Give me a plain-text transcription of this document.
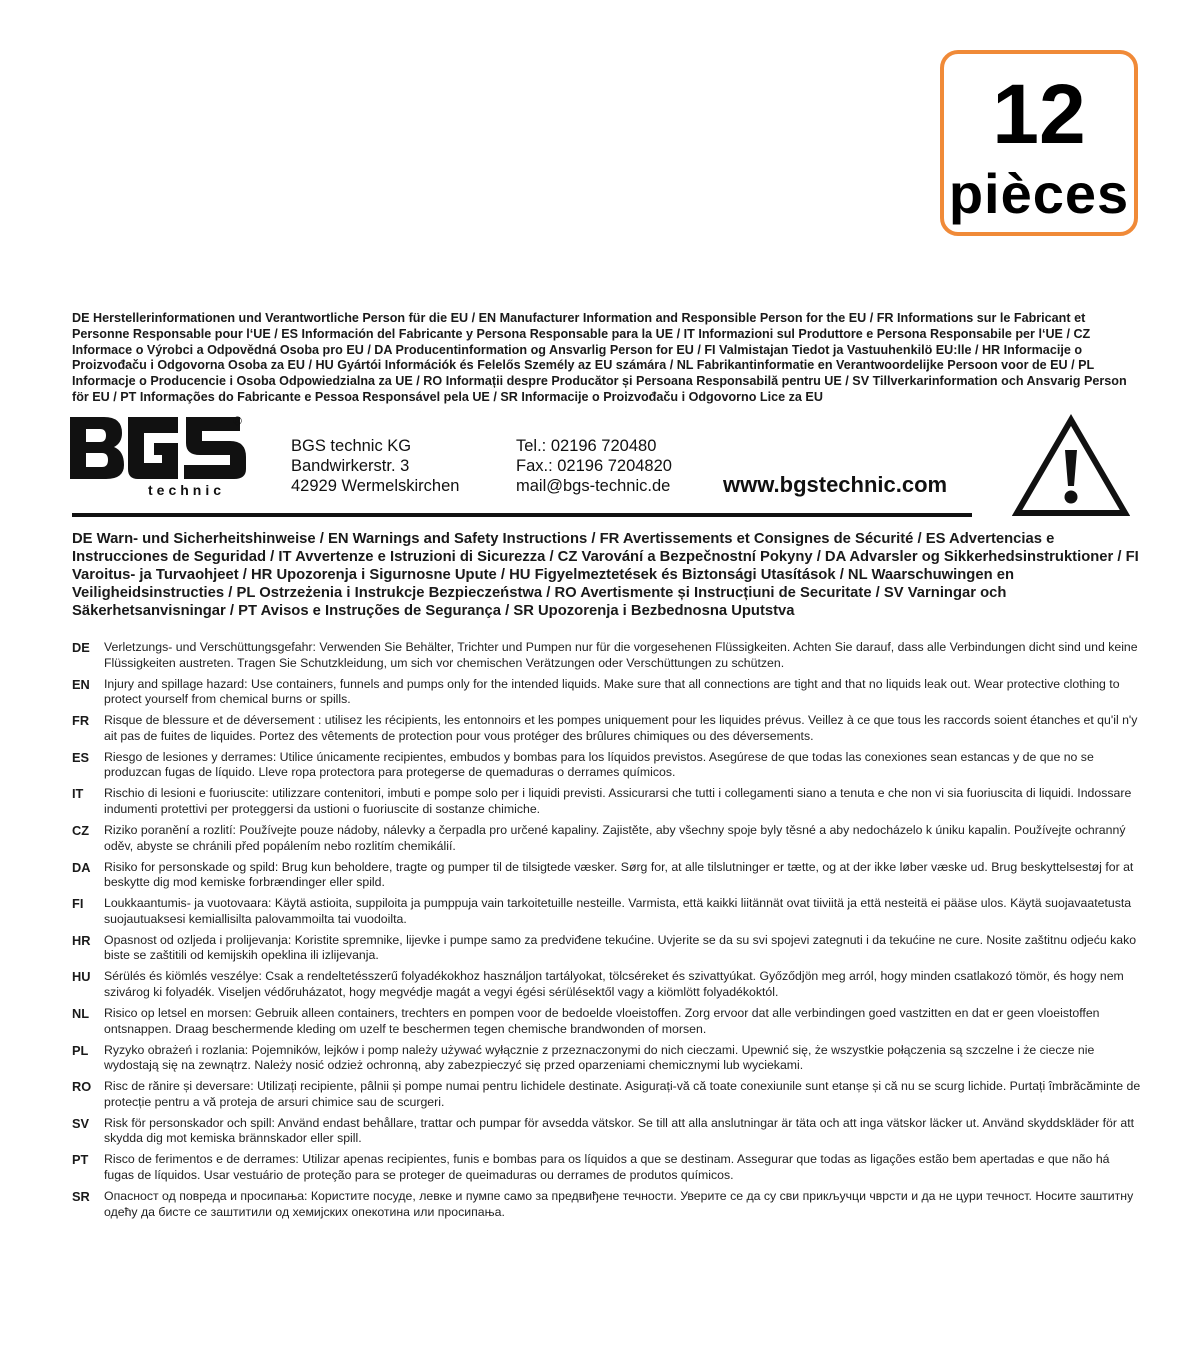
12
pièces
DE Herstellerinformationen und Verantwortliche Person für die EU / EN Manufacturer Information and Responsible Person for the EU / FR Informations sur le Fabricant et Personne Responsable pour l‘UE / ES Información del Fabricante y Persona Responsable para la UE / IT Informazioni sul Produttore e Persona Responsabile per l‘UE / CZ Informace o Výrobci a Odpovědná Osoba pro EU / DA Producentinformation og Ansvarlig Person for EU / FI Valmistajan Tiedot ja Vastuuhenkilö EU:lle / HR Informacije o Proizvođaču i Odgovorna Osoba za EU / HU Gyártói Információk és Felelős Személy az EU számára / NL Fabrikantinformatie en Verantwoordelijke Persoon voor de EU / PL Informacje o Producencie i Osoba Odpowiedzialna za UE / RO Informații despre Producător și Persoana Responsabilă pentru UE / SV Tillverkarinformation och Ansvarig Person för EU / PT Informações do Fabricante e Pessoa Responsável pela UE / SR Informacije o Proizvođaču i Odgovorno Lice za EU
®
technic
BGS technic KG
Bandwirkerstr. 3
42929 Wermelskirchen
Tel.: 02196 720480
Fax.: 02196 7204820
mail@bgs-technic.de www.bgstechnic.com
DE Warn- und Sicherheitshinweise / EN Warnings and Safety Instructions / FR Avertissements et Consignes de Sécurité / ES Advertencias e Instrucciones de Seguridad / IT Avvertenze e Istruzioni di Sicurezza / CZ Varování a Bezpečnostní Pokyny / DA Advarsler og Sikkerhedsinstruktioner / FI Varoitus- ja Turvaohjeet / HR Upozorenja i Sigurnosne Upute / HU Figyelmeztetések és Biztonsági Utasítások / NL Waarschuwingen en Veiligheidsinstructies / PL Ostrzeżenia i Instrukcje Bezpieczeństwa / RO Avertismente și Instrucțiuni de Securitate / SV Varningar och Säkerhetsanvisningar / PT Avisos e Instruções de Segurança / SR Upozorenja i Bezbednosna Uputstva
DE	Verletzungs- und Verschüttungsgefahr: Verwenden Sie Behälter, Trichter und Pumpen nur für die vorgesehenen Flüssigkeiten. Achten Sie darauf, dass alle Verbindungen dicht sind und keine Flüssigkeiten austreten. Tragen Sie Schutzkleidung, um sich vor chemischen Verätzungen oder Verschüttungen zu schützen.
EN	Injury and spillage hazard: Use containers, funnels and pumps only for the intended liquids. Make sure that all connections are tight and that no liquids leak out. Wear protective clothing to protect yourself from chemical burns or spills.
FR	Risque de blessure et de déversement : utilisez les récipients, les entonnoirs et les pompes uniquement pour les liquides prévus. Veillez à ce que tous les raccords soient étanches et qu'il n'y ait pas de fuites de liquides. Portez des vêtements de protection pour vous protéger des brûlures chimiques ou des déversements.
ES	Riesgo de lesiones y derrames: Utilice únicamente recipientes, embudos y bombas para los líquidos previstos. Asegúrese de que todas las conexiones sean estancas y de que no se produzcan fugas de líquido. Lleve ropa protectora para protegerse de quemaduras o derrames químicos.
IT	Rischio di lesioni e fuoriuscite: utilizzare contenitori, imbuti e pompe solo per i liquidi previsti. Assicurarsi che tutti i collegamenti siano a tenuta e che non vi sia fuoriuscita di liquidi. Indossare indumenti protettivi per proteggersi da ustioni o fuoriuscite di sostanze chimiche.
CZ	Riziko poranění a rozlití: Používejte pouze nádoby, nálevky a čerpadla pro určené kapaliny. Zajistěte, aby všechny spoje byly těsné a aby nedocházelo k úniku kapalin. Používejte ochranný oděv, abyste se chránili před popálením nebo rozlitím chemikálií.
DA	Risiko for personskade og spild: Brug kun beholdere, tragte og pumper til de tilsigtede væsker. Sørg for, at alle tilslutninger er tætte, og at der ikke løber væske ud. Brug beskyttelsestøj for at beskytte dig mod kemiske forbrændinger eller spild.
FI	Loukkaantumis- ja vuotovaara: Käytä astioita, suppiloita ja pumppuja vain tarkoitetuille nesteille. Varmista, että kaikki liitännät ovat tiiviitä ja että nesteitä ei pääse ulos. Käytä suojavaatetusta suojautuaksesi kemiallisilta palovammoilta tai vuodoilta.
HR	Opasnost od ozljeda i prolijevanja: Koristite spremnike, lijevke i pumpe samo za predviđene tekućine. Uvjerite se da su svi spojevi zategnuti i da tekućine ne cure. Nosite zaštitnu odjeću kako biste se zaštitili od kemijskih opeklina ili izlijevanja.
HU	Sérülés és kiömlés veszélye: Csak a rendeltetésszerű folyadékokhoz használjon tartályokat, tölcséreket és szivattyúkat. Győződjön meg arról, hogy minden csatlakozó tömör, és hogy nem szivárog ki folyadék. Viseljen védőruházatot, hogy megvédje magát a vegyi égési sérülésektől vagy a kiömlött folyadékoktól.
NL	Risico op letsel en morsen: Gebruik alleen containers, trechters en pompen voor de bedoelde vloeistoffen. Zorg ervoor dat alle verbindingen goed vastzitten en dat er geen vloeistoffen ontsnappen. Draag beschermende kleding om uzelf te beschermen tegen chemische brandwonden of morsen.
PL	Ryzyko obrażeń i rozlania: Pojemników, lejków i pomp należy używać wyłącznie z przeznaczonymi do nich cieczami. Upewnić się, że wszystkie połączenia są szczelne i że ciecze nie wydostają się na zewnątrz. Należy nosić odzież ochronną, aby zabezpieczyć się przed oparzeniami chemicznymi lub wyciekami.
RO	Risc de rănire și deversare: Utilizați recipiente, pâlnii și pompe numai pentru lichidele destinate. Asigurați-vă că toate conexiunile sunt etanșe și că nu se scurg lichide. Purtați îmbrăcăminte de protecție pentru a vă proteja de arsuri chimice sau de scurgeri.
SV	Risk för personskador och spill: Använd endast behållare, trattar och pumpar för avsedda vätskor. Se till att alla anslutningar är täta och att inga vätskor läcker ut. Använd skyddskläder för att skydda dig mot kemiska brännskador eller spill.
PT	Risco de ferimentos e de derrames: Utilizar apenas recipientes, funis e bombas para os líquidos a que se destinam. Assegurar que todas as ligações estão bem apertadas e que não há fugas de líquidos. Usar vestuário de proteção para se proteger de queimaduras ou derrames de produtos químicos.
SR	Опасност од повреда и просипања: Користите посуде, левке и пумпе само за предвиђене течности. Уверите се да су сви прикључци чврсти и да не цури течност. Носите заштитну одећу да бисте се заштитили од хемијских опекотина или просипања.
